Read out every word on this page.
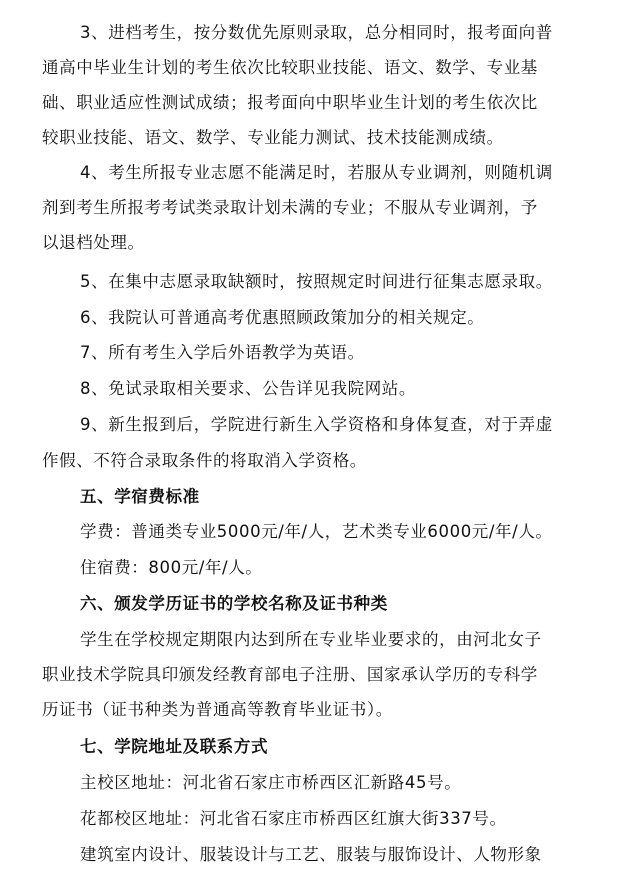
3、进档考生，按分数优先原则录取，总分相同时，报考面向普
通高中毕业生计划的考生依次比较职业技能、语文、数学、专业基
础、职业适应性测试成绩；报考面向中职毕业生计划的考生依次比
较职业技能、语文、数学、专业能力测试、技术技能测成绩。
4、考生所报专业志愿不能满足时，若服从专业调剂，则随机调
剂到考生所报考考试类录取计划未满的专业；不服从专业调剂，予
以退档处理。
5、在集中志愿录取缺额时，按照规定时间进行征集志愿录取。
6、我院认可普通高考优惠照顾政策加分的相关规定。
7、所有考生入学后外语教学为英语。
8、免试录取相关要求、公告详见我院网站。
9、新生报到后，学院进行新生入学资格和身体复查，对于弄虚
作假、不符合录取条件的将取消入学资格。
五、学宿费标准
学费：普通类专业5000元/年/人，艺术类专业6000元/年/人。
住宿费：800元/年/人。
六、颁发学历证书的学校名称及证书种类
学生在学校规定期限内达到所在专业毕业要求的，由河北女子
职业技术学院具印颁发经教育部电子注册、国家承认学历的专科学
历证书（证书种类为普通高等教育毕业证书）。
七、学院地址及联系方式
主校区地址：河北省石家庄市桥西区汇新路45号。
花都校区地址：河北省石家庄市桥西区红旗大街337号。
建筑室内设计、服装设计与工艺、服装与服饰设计、人物形象
